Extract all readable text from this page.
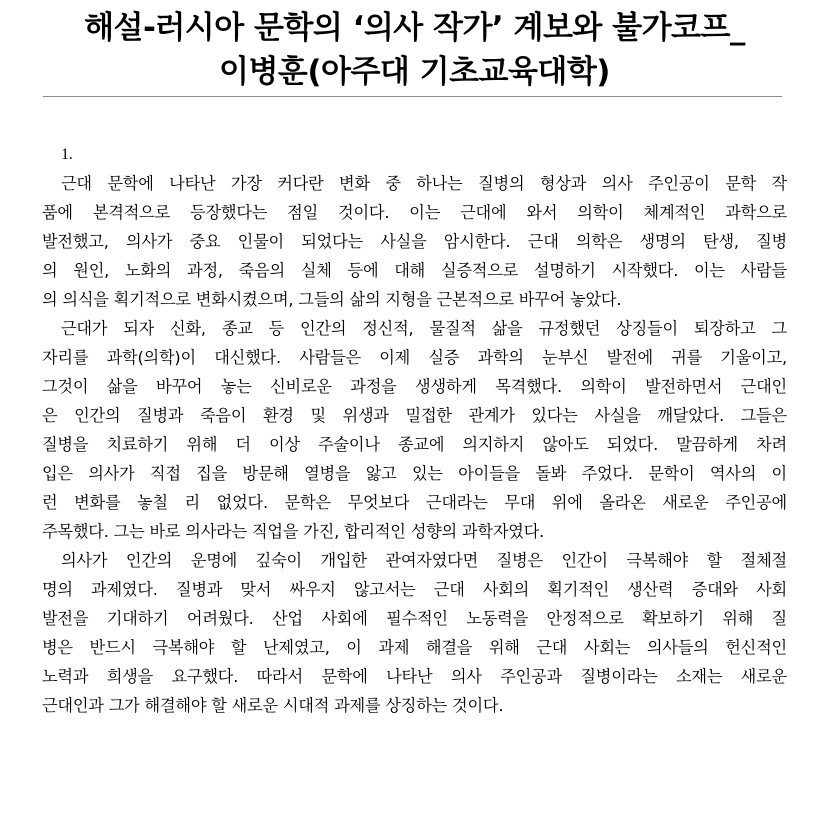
해설-러시아 문학의 ‘의사 작가’ 계보와 불가코프_
이병훈(아주대 기초교육대학)
1.
근대 문학에 나타난 가장 커다란 변화 중 하나는 질병의 형상과 의사 주인공이 문학 작
품에 본격적으로 등장했다는 점일 것이다. 이는 근대에 와서 의학이 체계적인 과학으로
발전했고, 의사가 중요 인물이 되었다는 사실을 암시한다. 근대 의학은 생명의 탄생, 질병
의 원인, 노화의 과정, 죽음의 실체 등에 대해 실증적으로 설명하기 시작했다. 이는 사람들
의 의식을 획기적으로 변화시켰으며, 그들의 삶의 지형을 근본적으로 바꾸어 놓았다.
근대가 되자 신화, 종교 등 인간의 정신적, 물질적 삶을 규정했던 상징들이 퇴장하고 그
자리를 과학(의학)이 대신했다. 사람들은 이제 실증 과학의 눈부신 발전에 귀를 기울이고,
그것이 삶을 바꾸어 놓는 신비로운 과정을 생생하게 목격했다. 의학이 발전하면서 근대인
은 인간의 질병과 죽음이 환경 및 위생과 밀접한 관계가 있다는 사실을 깨달았다. 그들은
질병을 치료하기 위해 더 이상 주술이나 종교에 의지하지 않아도 되었다. 말끔하게 차려
입은 의사가 직접 집을 방문해 열병을 앓고 있는 아이들을 돌봐 주었다. 문학이 역사의 이
런 변화를 놓칠 리 없었다. 문학은 무엇보다 근대라는 무대 위에 올라온 새로운 주인공에
주목했다. 그는 바로 의사라는 직업을 가진, 합리적인 성향의 과학자였다.
의사가 인간의 운명에 깊숙이 개입한 관여자였다면 질병은 인간이 극복해야 할 절체절
명의 과제였다. 질병과 맞서 싸우지 않고서는 근대 사회의 획기적인 생산력 증대와 사회
발전을 기대하기 어려웠다. 산업 사회에 필수적인 노동력을 안정적으로 확보하기 위해 질
병은 반드시 극복해야 할 난제였고, 이 과제 해결을 위해 근대 사회는 의사들의 헌신적인
노력과 희생을 요구했다. 따라서 문학에 나타난 의사 주인공과 질병이라는 소재는 새로운
근대인과 그가 해결해야 할 새로운 시대적 과제를 상징하는 것이다.
